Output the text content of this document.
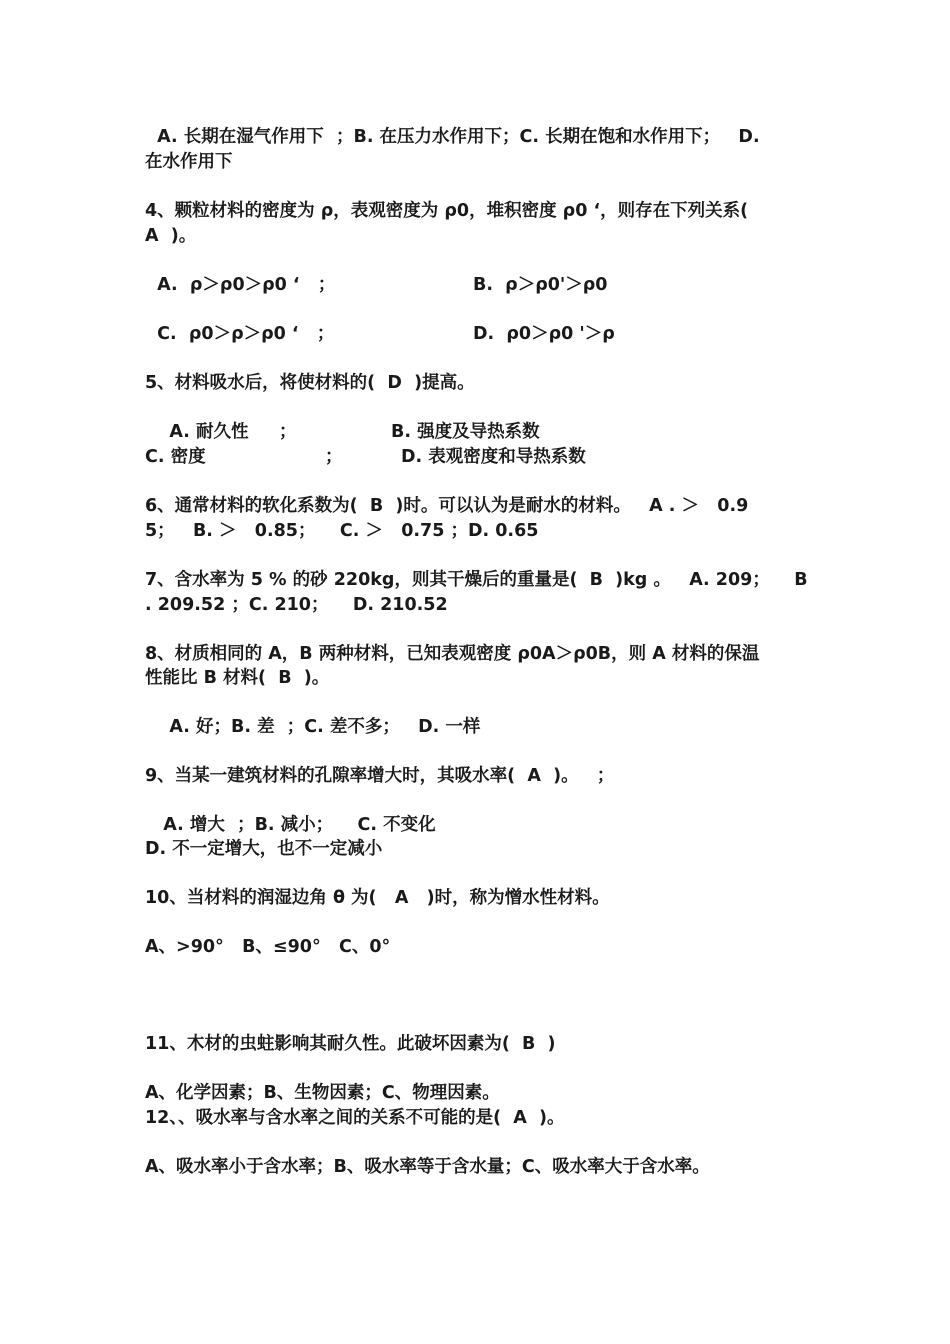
A. 长期在湿气作用下  ；B. 在压力水作用下；C. 长期在饱和水作用下；   D.
在水作用下
4、颗粒材料的密度为 ρ，表观密度为 ρ0，堆积密度 ρ0 ‘，则存在下列关系(
A  )。
A.  ρ＞ρ0＞ρ0 ‘   ；	B.  ρ＞ρ0'＞ρ0
C.  ρ0＞ρ＞ρ0 ‘   ；	D.  ρ0＞ρ0 '＞ρ
5、材料吸水后，将使材料的(  D  )提高。
A. 耐久性     ；	B. 强度及导热系数
C. 密度	；	D. 表观密度和导热系数
6、通常材料的软化系数为(  B  )时。可以认为是耐水的材料。   A . ＞   0.9
5；   B. ＞   0.85；    C. ＞   0.75 ；D. 0.65
7、含水率为 5 % 的砂 220kg，则其干燥后的重量是(  B  )kg 。   A. 209；    B
. 209.52 ；C. 210；    D. 210.52
8、材质相同的 A，B 两种材料，已知表观密度 ρ0A＞ρ0B，则 A 材料的保温
性能比 B 材料(  B  )。
A. 好；B. 差  ；C. 差不多；   D. 一样
9、当某一建筑材料的孔隙率增大时，其吸水率(  A  )。   ；
A. 增大  ；B. 减小；    C. 不变化
D. 不一定增大，也不一定减小
10、当材料的润湿边角 θ 为(   A   )时，称为憎水性材料。
A、>90°   B、≤90°   C、0°
11、木材的虫蛀影响其耐久性。此破坏因素为(  B  )
A、化学因素；B、生物因素；C、物理因素。
12、、吸水率与含水率之间的关系不可能的是(  A  )。
A、吸水率小于含水率；B、吸水率等于含水量；C、吸水率大于含水率。
